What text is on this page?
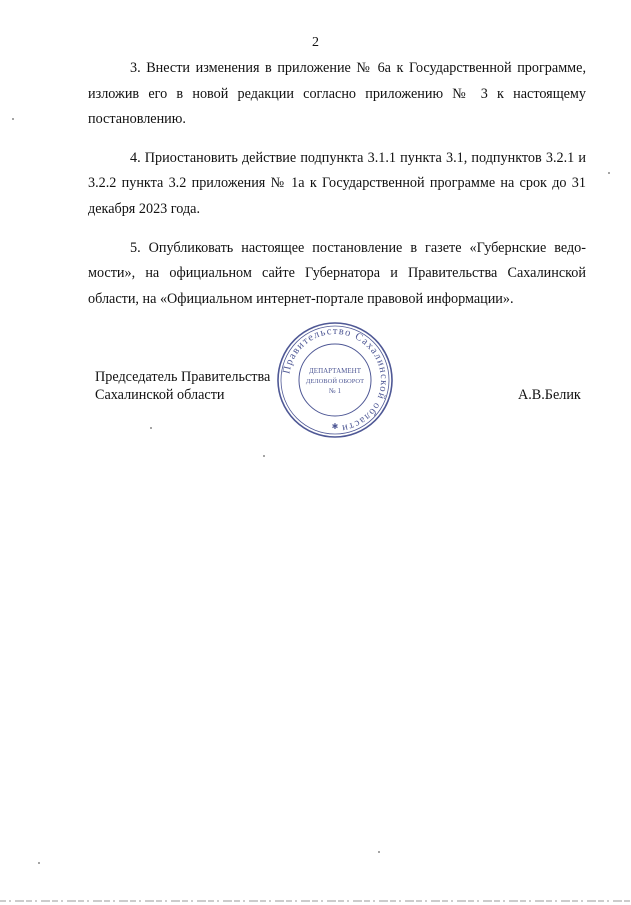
2

3. Внести изменения в приложение № 6а к Государственной программе, изложив его в новой редакции согласно приложению № 3 к настоящему постановлению.

4. Приостановить действие подпункта 3.1.1 пункта 3.1, подпунктов 3.2.1 и 3.2.2 пункта 3.2 приложения № 1а к Государственной программе на срок до 31 декабря 2023 года.

5. Опубликовать настоящее постановление в газете «Губернские ведомости», на официальном сайте Губернатора и Правительства Сахалинской области, на «Официальном интернет-портале правовой информации».

Председатель Правительства
Сахалинской области	А.В.Белик
Правительство Сахалинской области
ДЕПАРТАМЕНТ
ДЕЛОВОЙ ОБОРОТ
№ 1
✱
